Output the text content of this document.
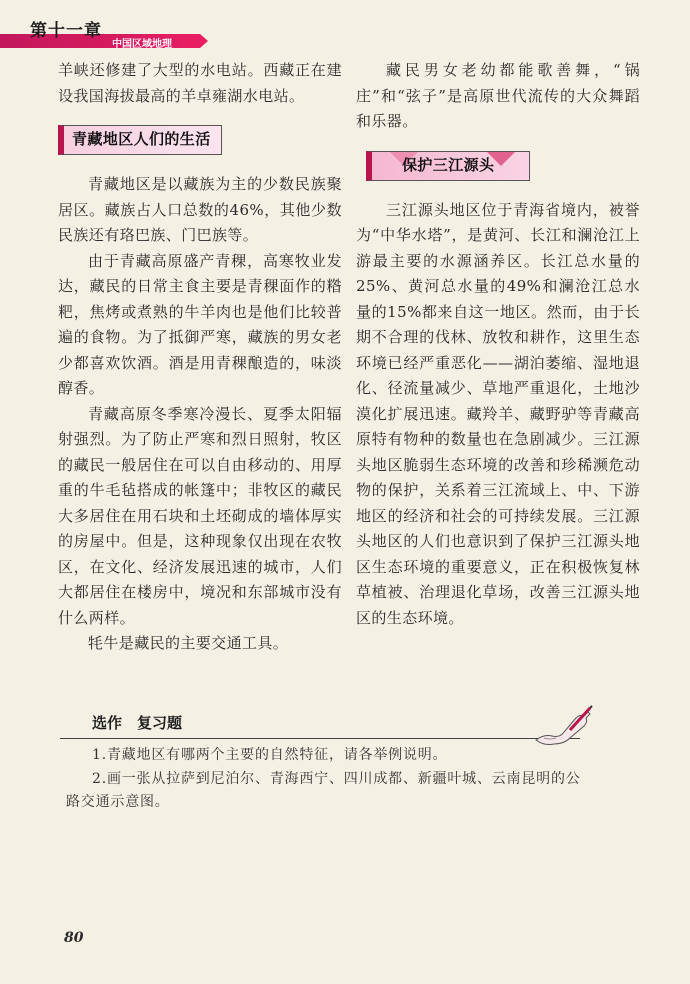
第十一章
中国区域地理

羊峡还修建了大型的水电站。西藏正在建设我国海拔最高的羊卓雍湖水电站。

青藏地区人们的生活

青藏地区是以藏族为主的少数民族聚居区。藏族占人口总数的46%，其他少数民族还有珞巴族、门巴族等。

由于青藏高原盛产青稞，高寒牧业发达，藏民的日常主食主要是青稞面作的糌粑，焦烤或煮熟的牛羊肉也是他们比较普遍的食物。为了抵御严寒，藏族的男女老少都喜欢饮酒。酒是用青稞酿造的，味淡醇香。

青藏高原冬季寒冷漫长、夏季太阳辐射强烈。为了防止严寒和烈日照射，牧区的藏民一般居住在可以自由移动的、用厚重的牛毛毡搭成的帐篷中；非牧区的藏民大多居住在用石块和土坯砌成的墙体厚实的房屋中。但是，这种现象仅出现在农牧区，在文化、经济发展迅速的城市，人们大都居住在楼房中，境况和东部城市没有什么两样。

牦牛是藏民的主要交通工具。

藏民男女老幼都能歌善舞，“锅庄”和“弦子”是高原世代流传的大众舞蹈和乐器。

保护三江源头

三江源头地区位于青海省境内，被誉为“中华水塔”，是黄河、长江和澜沧江上游最主要的水源涵养区。长江总水量的25%、黄河总水量的49%和澜沧江总水量的15%都来自这一地区。然而，由于长期不合理的伐林、放牧和耕作，这里生态环境已经严重恶化——湖泊萎缩、湿地退化、径流量减少、草地严重退化，土地沙漠化扩展迅速。藏羚羊、藏野驴等青藏高原特有物种的数量也在急剧减少。三江源头地区脆弱生态环境的改善和珍稀濒危动物的保护，关系着三江流域上、中、下游地区的经济和社会的可持续发展。三江源头地区的人们也意识到了保护三江源头地区生态环境的重要意义，正在积极恢复林草植被、治理退化草场，改善三江源头地区的生态环境。

选作　复习题
1.青藏地区有哪两个主要的自然特征，请各举例说明。
2.画一张从拉萨到尼泊尔、青海西宁、四川成都、新疆叶城、云南昆明的公
路交通示意图。
80
